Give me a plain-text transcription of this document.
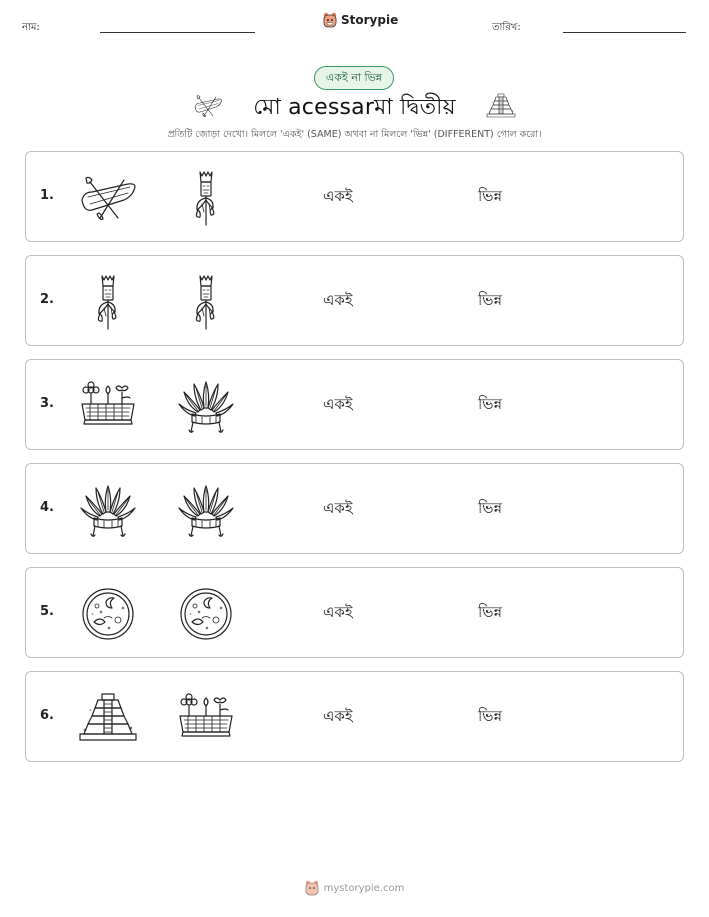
নাম:
Storypie
তারিখ:
একই না ভিন্ন
মো acessarমা দ্বিতীয়
প্রতিটি জোড়া দেখো। মিললে 'একই' (SAME) অথবা না মিললে 'ভিন্ন' (DIFFERENT) গোল করো।
1.	একই	ভিন্ন
2.	একই	ভিন্ন
3.	একই	ভিন্ন
4.	একই	ভিন্ন
5.	একই	ভিন্ন
6.	একই	ভিন্ন
mystorypie.com
